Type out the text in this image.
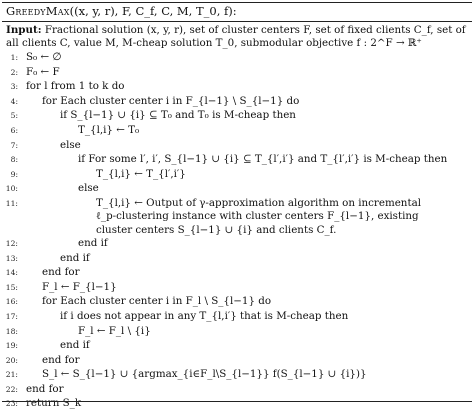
GreedyMax((x, y, r), F, C_f, C, M, T_0, f):
Input: Fractional solution (x, y, r), set of cluster centers F, set of fixed clients C_f, set of all clients C, value M, M-cheap solution T_0, submodular objective f : 2^F → ℝ⁺
1: S₀ ← ∅
2: F₀ ← F
3: for l from 1 to k do
4: for Each cluster center i in F_{l−1} \ S_{l−1} do
5:	if S_{l−1} ∪ {i} ⊆ T₀ and T₀ is M-cheap then
6:	T_{l,i} ← T₀
7:	else
8:	if For some l′, i′, S_{l−1} ∪ {i} ⊆ T_{l′,i′} and T_{l′,i′} is M-cheap then
9:	T_{l,i} ← T_{l′,i′}
10:	else
11:	T_{l,i} ← Output of γ-approximation algorithm on incremental ℓ_p-clustering instance with cluster centers F_{l−1}, existing cluster centers S_{l−1} ∪ {i} and clients C_f.
12:	end if
13:	end if
14: end for
15: F_l ← F_{l−1}
16: for Each cluster center i in F_l \ S_{l−1} do
17:	if i does not appear in any T_{l,i′} that is M-cheap then
18:	F_l ← F_l \ {i}
19:	end if
20: end for
21: S_l ← S_{l−1} ∪ {argmax_{i∈F_l\S_{l−1}} f(S_{l−1} ∪ {i})}
22: end for
23: return S_k
